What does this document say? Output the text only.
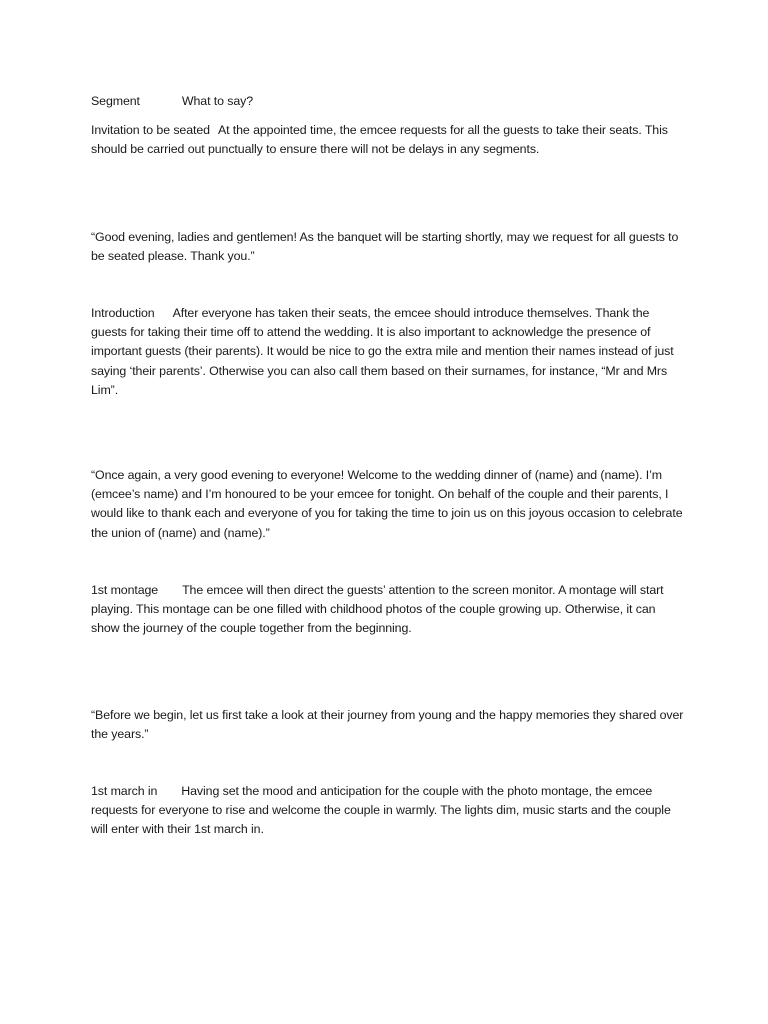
Segment	What to say?

Invitation to be seated At the appointed time, the emcee requests for all the guests to take their seats. This should be carried out punctually to ensure there will not be delays in any segments.

“Good evening, ladies and gentlemen! As the banquet will be starting shortly, may we request for all guests to be seated please. Thank you.”

Introduction After everyone has taken their seats, the emcee should introduce themselves. Thank the guests for taking their time off to attend the wedding. It is also important to acknowledge the presence of important guests (their parents). It would be nice to go the extra mile and mention their names instead of just saying ‘their parents’. Otherwise you can also call them based on their surnames, for instance, “Mr and Mrs Lim”.

“Once again, a very good evening to everyone! Welcome to the wedding dinner of (name) and (name). I’m (emcee’s name) and I’m honoured to be your emcee for tonight. On behalf of the couple and their parents, I would like to thank each and everyone of you for taking the time to join us on this joyous occasion to celebrate the union of (name) and (name).”

1st montage The emcee will then direct the guests’ attention to the screen monitor. A montage will start playing. This montage can be one filled with childhood photos of the couple growing up. Otherwise, it can show the journey of the couple together from the beginning.

“Before we begin, let us first take a look at their journey from young and the happy memories they shared over the years.”

1st march in Having set the mood and anticipation for the couple with the photo montage, the emcee requests for everyone to rise and welcome the couple in warmly. The lights dim, music starts and the couple will enter with their 1st march in.
